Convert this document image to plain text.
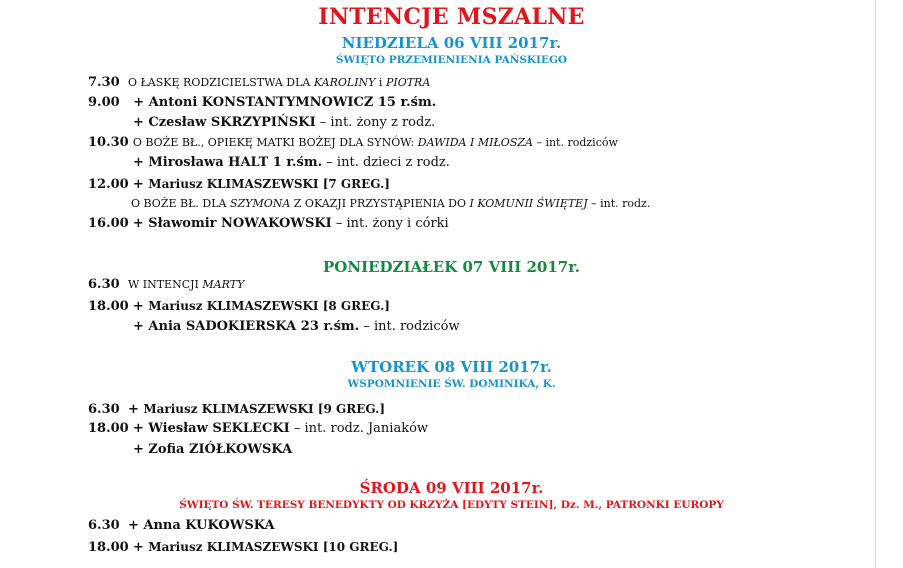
INTENCJE MSZALNE
NIEDZIELA 06 VIII 2017r.
ŚWIĘTO PRZEMIENIENIA PAŃSKIEGO
7.30 O ŁASKĘ RODZICIELSTWA DLA KAROLINY i PIOTRA
9.00 + Antoni KONSTANTYMNOWICZ 15 r.śm.
+ Czesław SKRZYPIŃSKI – int. żony z rodz.
10.30 O BOŻE BŁ., OPIEKĘ MATKI BOŻEJ DLA SYNÓW: DAWIDA I MIŁOSZA – int. rodziców
+ Mirosława HALT 1 r.śm. – int. dzieci z rodz.
12.00 + Mariusz KLIMASZEWSKI [7 GREG.]
O BOŻE BŁ. DLA SZYMONA Z OKAZJI PRZYSTĄPIENIA DO I KOMUNII ŚWIĘTEJ – int. rodz.
16.00 + Sławomir NOWAKOWSKI – int. żony i córki
PONIEDZIAŁEK 07 VIII 2017r.
6.30 W INTENCJI MARTY
18.00 + Mariusz KLIMASZEWSKI [8 GREG.]
+ Ania SADOKIERSKA 23 r.śm. – int. rodziców
WTOREK 08 VIII 2017r.
WSPOMNIENIE ŚW. DOMINIKA, K.
6.30 + Mariusz KLIMASZEWSKI [9 GREG.]
18.00 + Wiesław SEKLECKI – int. rodz. Janiaków
+ Zofia ZIÓŁKOWSKA
ŚRODA 09 VIII 2017r.
ŚWIĘTO ŚW. TERESY BENEDYKTY OD KRZYŻA [EDYTY STEIN], Dz. M., PATRONKI EUROPY
6.30 + Anna KUKOWSKA
18.00 + Mariusz KLIMASZEWSKI [10 GREG.]
